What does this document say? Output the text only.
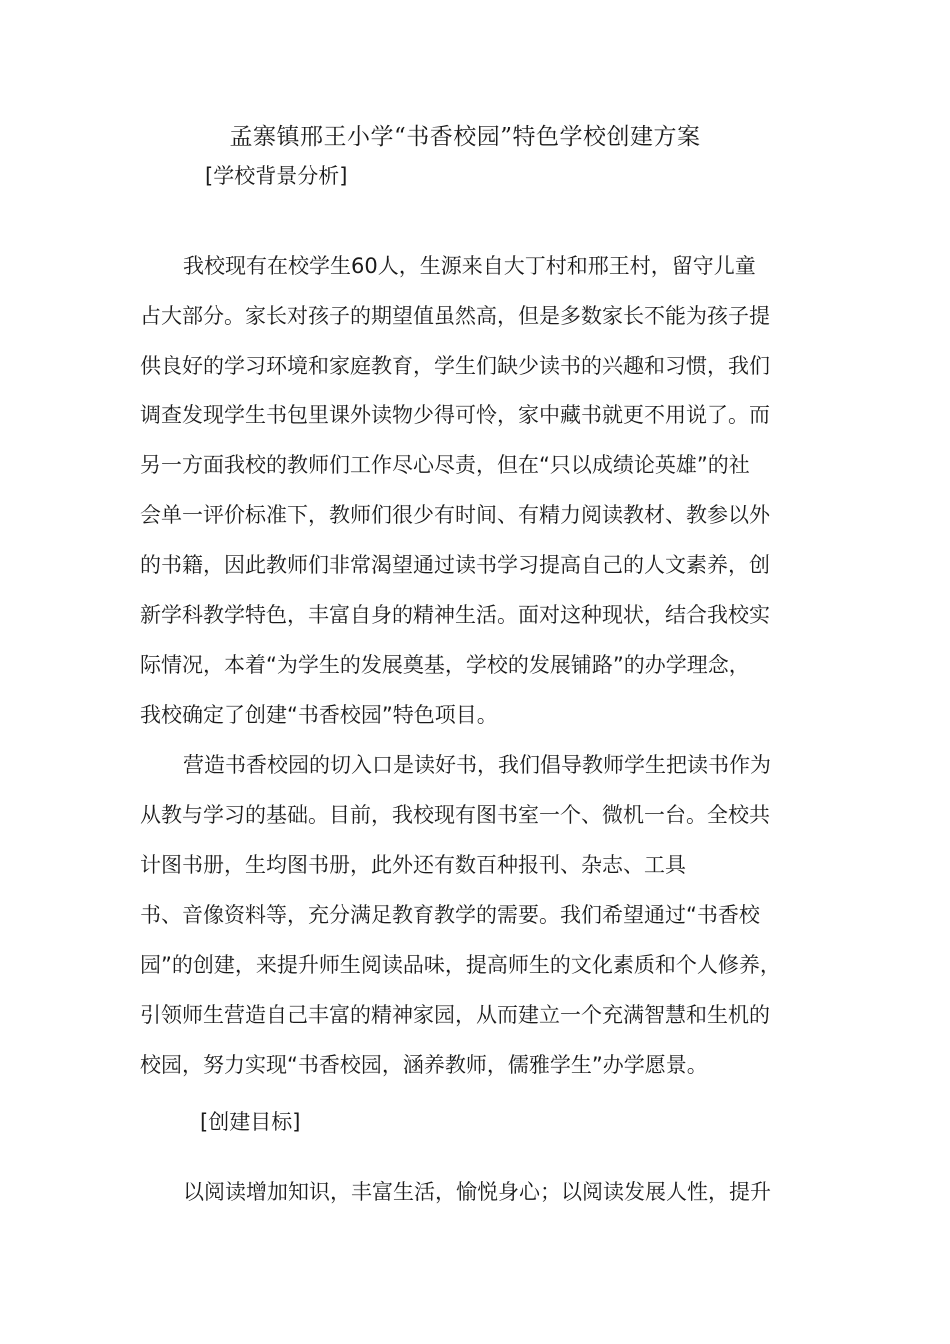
孟寨镇邢王小学“书香校园”特色学校创建方案
[学校背景分析]

我校现有在校学生60人，生源来自大丁村和邢王村，留守儿童

占大部分。家长对孩子的期望值虽然高，但是多数家长不能为孩子提

供良好的学习环境和家庭教育，学生们缺少读书的兴趣和习惯，我们

调查发现学生书包里课外读物少得可怜，家中藏书就更不用说了。而

另一方面我校的教师们工作尽心尽责，但在“只以成绩论英雄”的社

会单一评价标准下，教师们很少有时间、有精力阅读教材、教参以外

的书籍，因此教师们非常渴望通过读书学习提高自己的人文素养，创

新学科教学特色，丰富自身的精神生活。面对这种现状，结合我校实

际情况，本着“为学生的发展奠基，学校的发展铺路”的办学理念，

我校确定了创建“书香校园”特色项目。

营造书香校园的切入口是读好书，我们倡导教师学生把读书作为

从教与学习的基础。目前，我校现有图书室一个、微机一台。全校共

计图书册，生均图书册，此外还有数百种报刊、杂志、工具

书、音像资料等，充分满足教育教学的需要。我们希望通过“书香校

园”的创建，来提升师生阅读品味，提高师生的文化素质和个人修养，

引领师生营造自己丰富的精神家园，从而建立一个充满智慧和生机的

校园，努力实现“书香校园，涵养教师，儒雅学生”办学愿景。

[创建目标]

以阅读增加知识，丰富生活，愉悦身心；以阅读发展人性，提升
